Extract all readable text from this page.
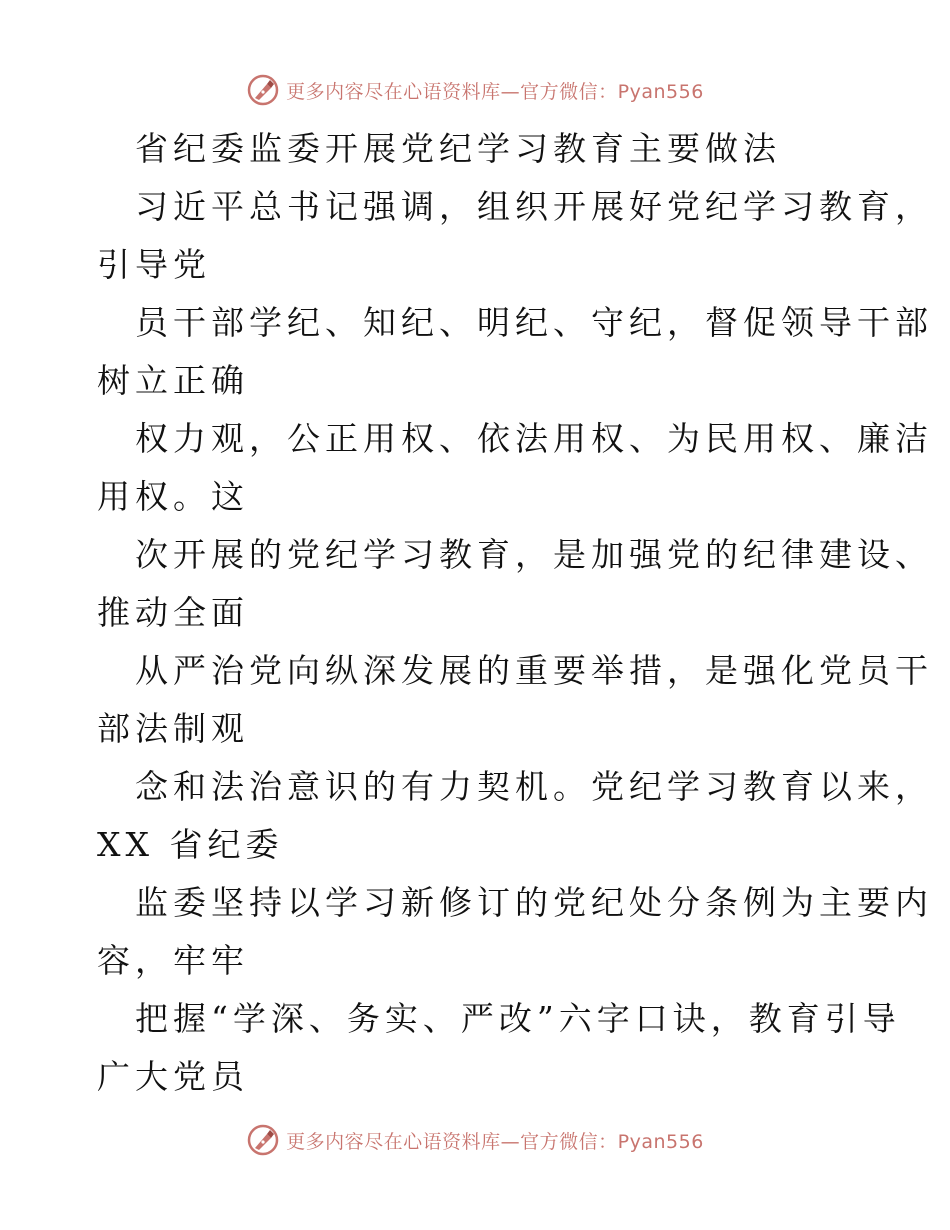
更多内容尽在心语资料库—官方微信：Pyan556

省纪委监委开展党纪学习教育主要做法

习近平总书记强调，组织开展好党纪学习教育，

引导党

员干部学纪、知纪、明纪、守纪，督促领导干部

树立正确

权力观，公正用权、依法用权、为民用权、廉洁

用权。这

次开展的党纪学习教育，是加强党的纪律建设、

推动全面

从严治党向纵深发展的重要举措，是强化党员干

部法制观

念和法治意识的有力契机。党纪学习教育以来，

XX 省纪委

监委坚持以学习新修订的党纪处分条例为主要内

容，牢牢

把握“学深、务实、严改”六字口诀，教育引导

广大党员

更多内容尽在心语资料库—官方微信：Pyan556
